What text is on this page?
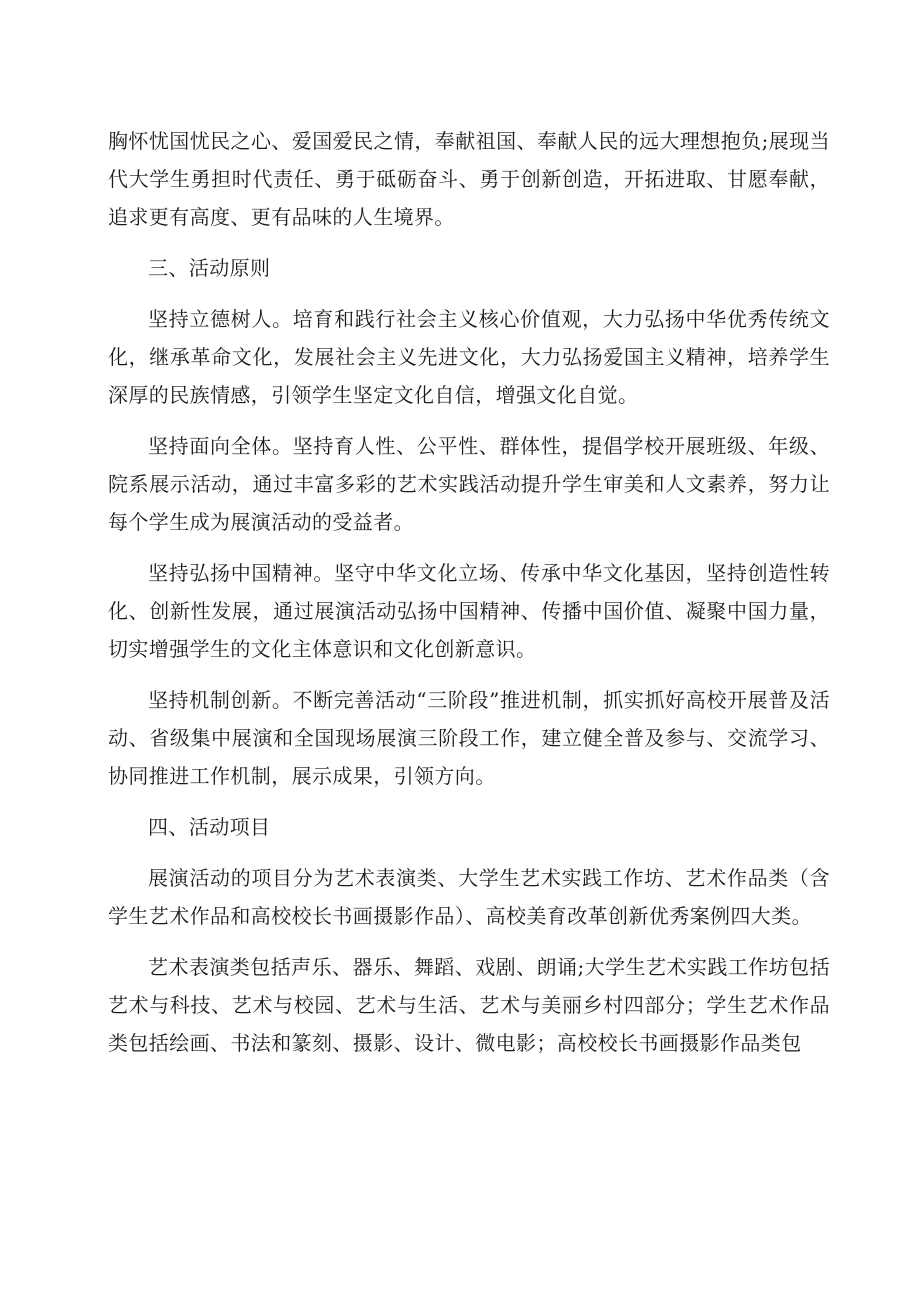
胸怀忧国忧民之心、爱国爱民之情，奉献祖国、奉献人民的远大理想抱负;展现当代大学生勇担时代责任、勇于砥砺奋斗、勇于创新创造，开拓进取、甘愿奉献，追求更有高度、更有品味的人生境界。

三、活动原则

坚持立德树人。培育和践行社会主义核心价值观，大力弘扬中华优秀传统文化，继承革命文化，发展社会主义先进文化，大力弘扬爱国主义精神，培养学生深厚的民族情感，引领学生坚定文化自信，增强文化自觉。

坚持面向全体。坚持育人性、公平性、群体性，提倡学校开展班级、年级、院系展示活动，通过丰富多彩的艺术实践活动提升学生审美和人文素养，努力让每个学生成为展演活动的受益者。

坚持弘扬中国精神。坚守中华文化立场、传承中华文化基因，坚持创造性转化、创新性发展，通过展演活动弘扬中国精神、传播中国价值、凝聚中国力量，切实增强学生的文化主体意识和文化创新意识。

坚持机制创新。不断完善活动“三阶段”推进机制，抓实抓好高校开展普及活动、省级集中展演和全国现场展演三阶段工作，建立健全普及参与、交流学习、协同推进工作机制，展示成果，引领方向。

四、活动项目

展演活动的项目分为艺术表演类、大学生艺术实践工作坊、艺术作品类（含学生艺术作品和高校校长书画摄影作品）、高校美育改革创新优秀案例四大类。

艺术表演类包括声乐、器乐、舞蹈、戏剧、朗诵;大学生艺术实践工作坊包括艺术与科技、艺术与校园、艺术与生活、艺术与美丽乡村四部分；学生艺术作品类包括绘画、书法和篆刻、摄影、设计、微电影；高校校长书画摄影作品类包
